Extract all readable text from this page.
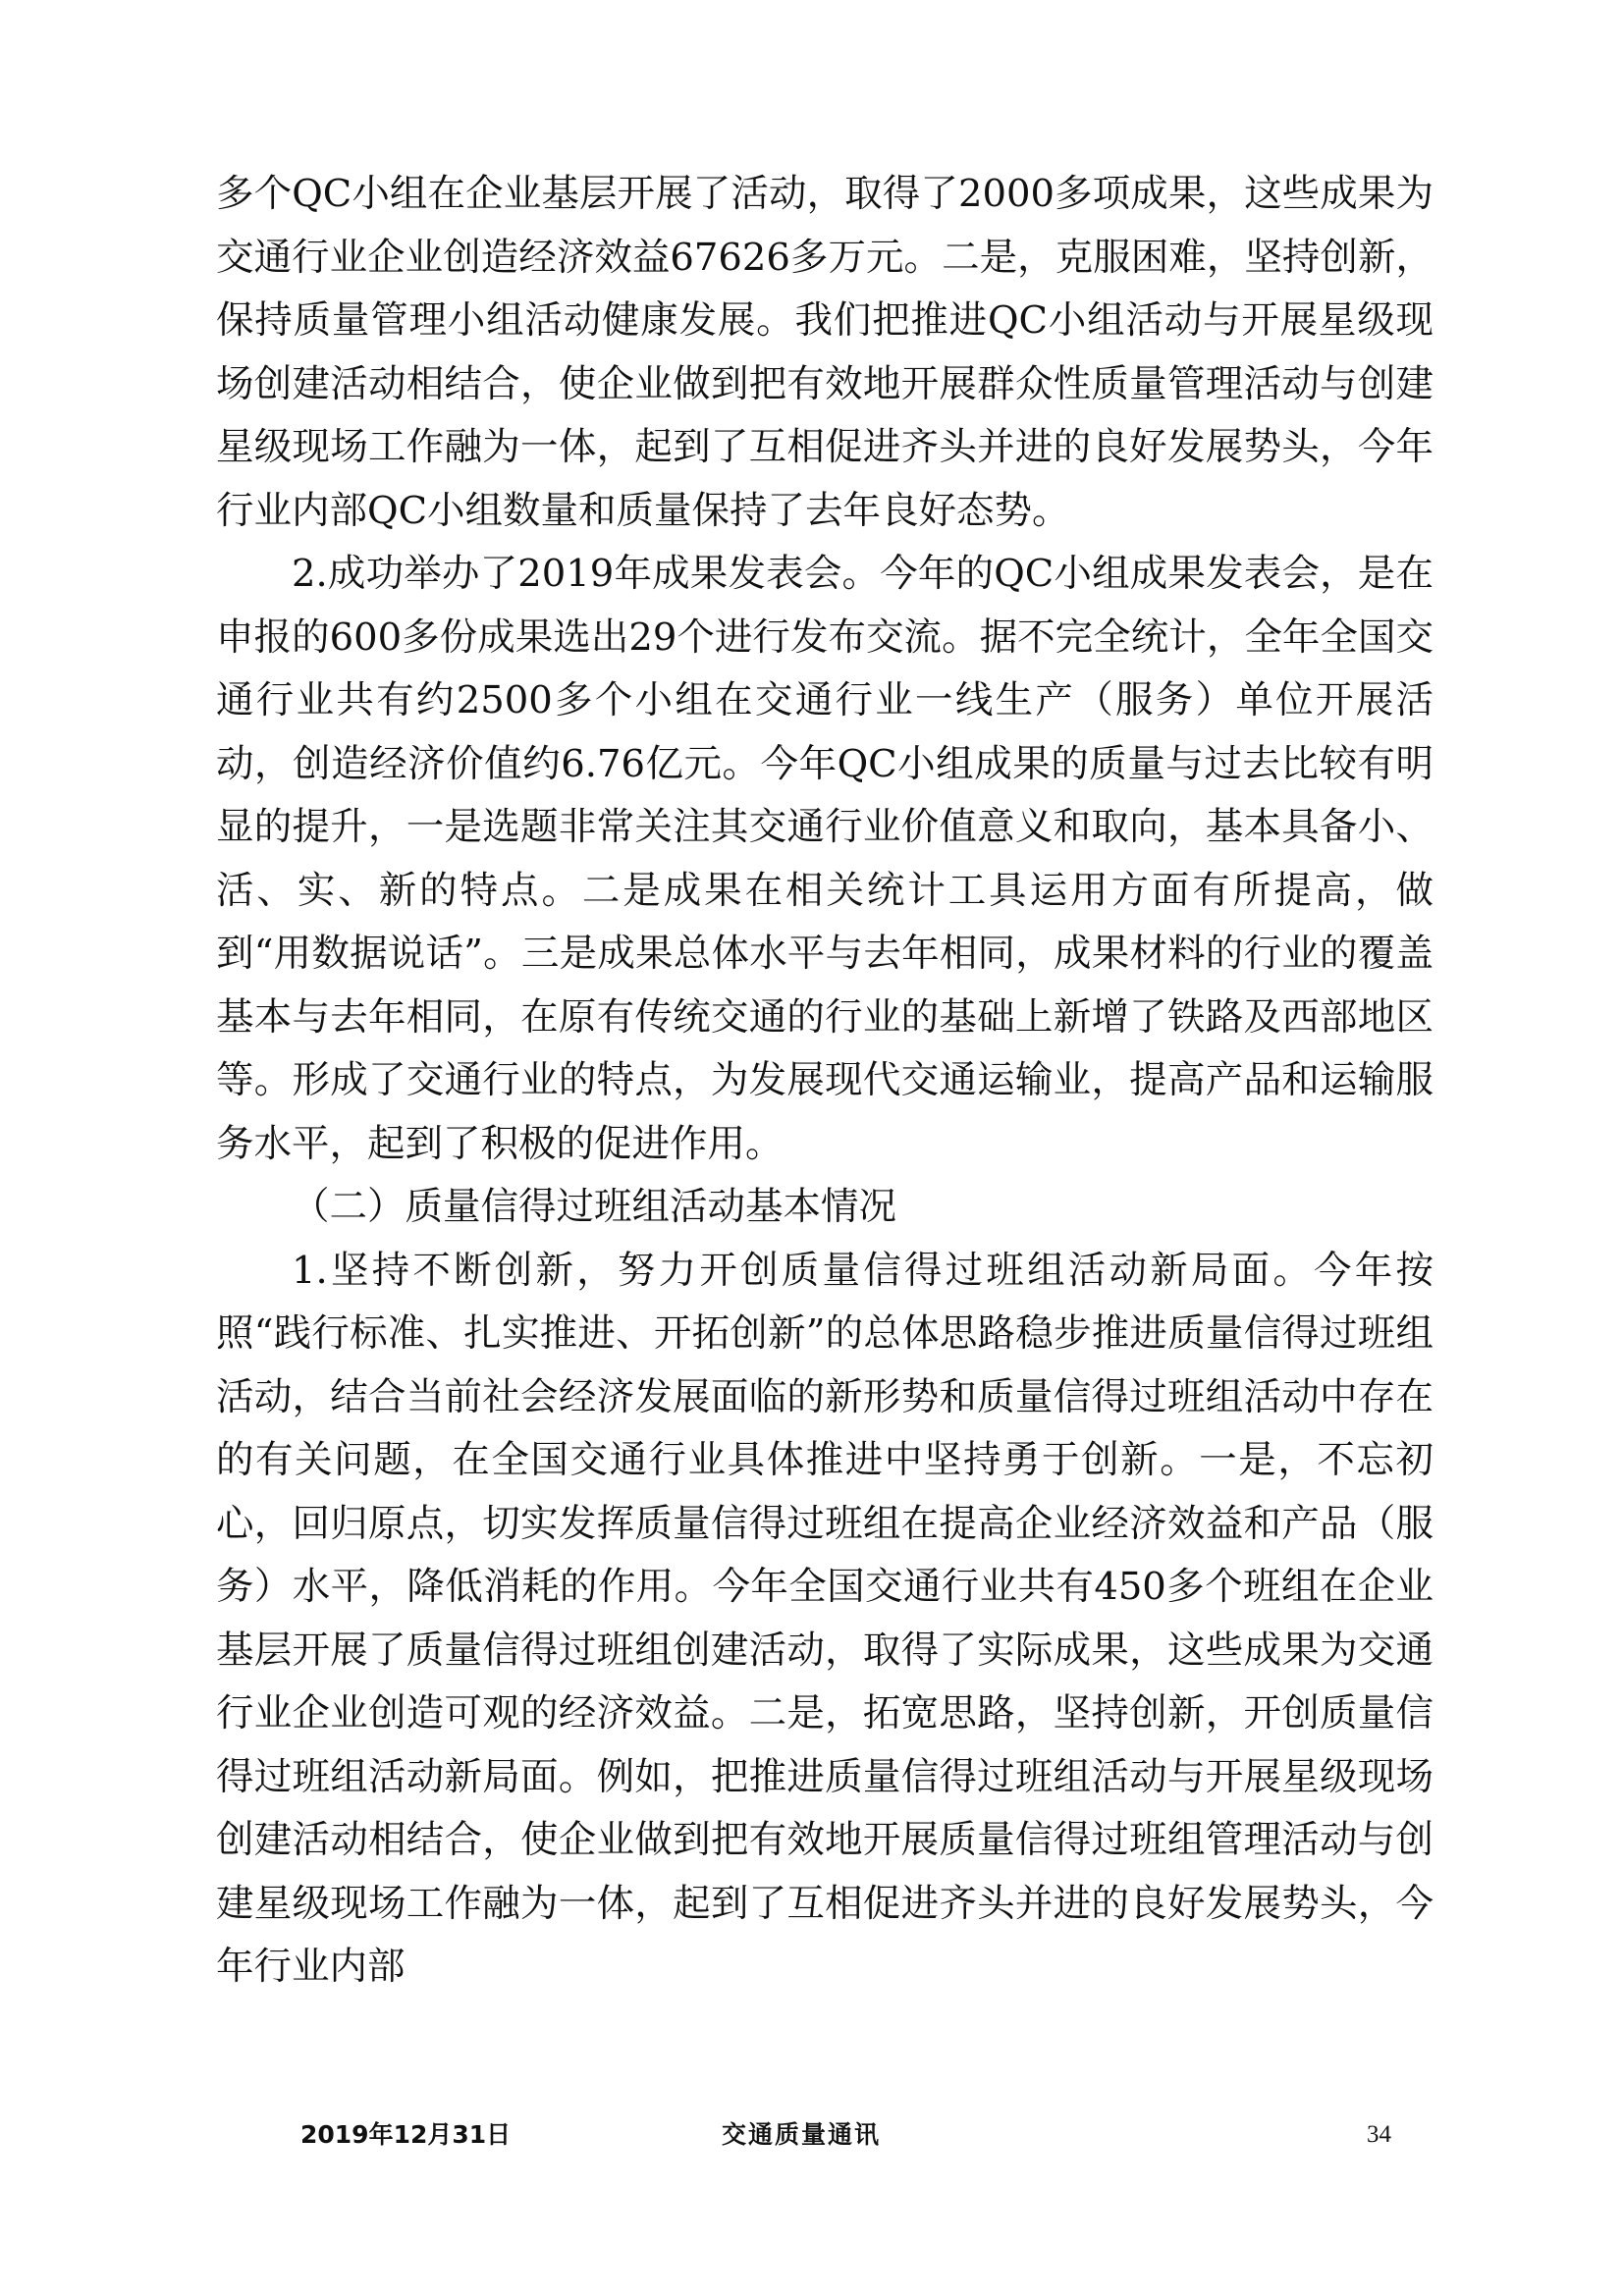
多个QC小组在企业基层开展了活动，取得了2000多项成果，这些成果为交通行业企业创造经济效益67626多万元。二是，克服困难，坚持创新，保持质量管理小组活动健康发展。我们把推进QC小组活动与开展星级现场创建活动相结合，使企业做到把有效地开展群众性质量管理活动与创建星级现场工作融为一体，起到了互相促进齐头并进的良好发展势头，今年行业内部QC小组数量和质量保持了去年良好态势。

2.成功举办了2019年成果发表会。今年的QC小组成果发表会，是在申报的600多份成果选出29个进行发布交流。据不完全统计，全年全国交通行业共有约2500多个小组在交通行业一线生产（服务）单位开展活动，创造经济价值约6.76亿元。今年QC小组成果的质量与过去比较有明显的提升，一是选题非常关注其交通行业价值意义和取向，基本具备小、活、实、新的特点。二是成果在相关统计工具运用方面有所提高，做到“用数据说话”。三是成果总体水平与去年相同，成果材料的行业的覆盖基本与去年相同，在原有传统交通的行业的基础上新增了铁路及西部地区等。形成了交通行业的特点，为发展现代交通运输业，提高产品和运输服务水平，起到了积极的促进作用。

（二）质量信得过班组活动基本情况

1.坚持不断创新，努力开创质量信得过班组活动新局面。今年按照“践行标准、扎实推进、开拓创新”的总体思路稳步推进质量信得过班组活动，结合当前社会经济发展面临的新形势和质量信得过班组活动中存在的有关问题，在全国交通行业具体推进中坚持勇于创新。一是，不忘初心，回归原点，切实发挥质量信得过班组在提高企业经济效益和产品（服务）水平，降低消耗的作用。今年全国交通行业共有450多个班组在企业基层开展了质量信得过班组创建活动，取得了实际成果，这些成果为交通行业企业创造可观的经济效益。二是，拓宽思路，坚持创新，开创质量信得过班组活动新局面。例如，把推进质量信得过班组活动与开展星级现场创建活动相结合，使企业做到把有效地开展质量信得过班组管理活动与创建星级现场工作融为一体，起到了互相促进齐头并进的良好发展势头，今年行业内部

2019年12月31日	交通质量通讯	34
